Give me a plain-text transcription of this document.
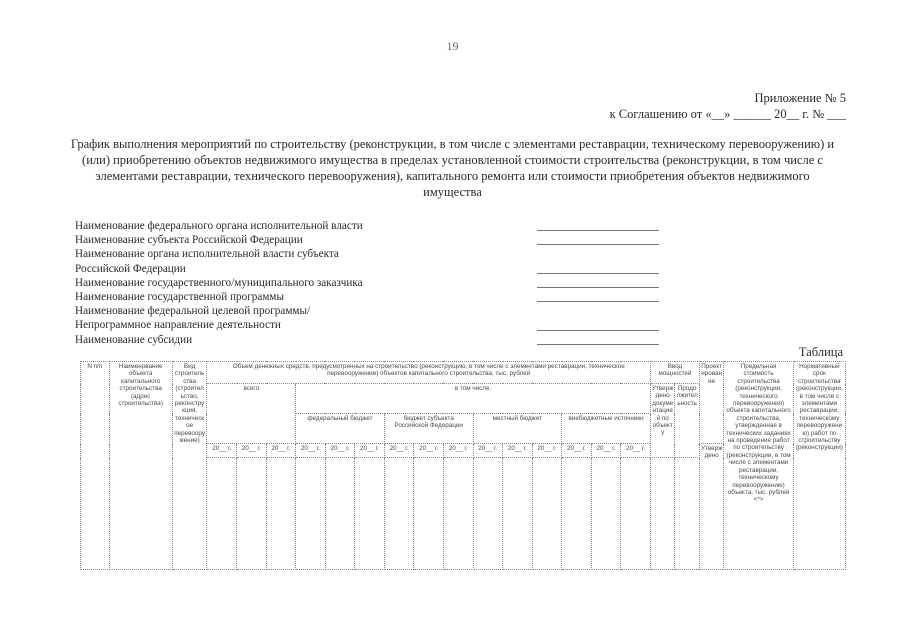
19
Приложение № 5
к Соглашению от «__» ______ 20__ г. № ___
График выполнения мероприятий по строительству (реконструкции, в том числе с элементами реставрации, техническому перевооружению) и (или) приобретению объектов недвижимого имущества в пределах установленной стоимости строительства (реконструкции, в том числе с элементами реставрации, технического перевооружения), капитального ремонта или стоимости приобретения объектов недвижимого имущества
Наименование федерального органа исполнительной власти
Наименование субъекта Российской Федерации
Наименование органа исполнительной власти субъекта
Российской Федерации
Наименование государственного/муниципального заказчика
Наименование государственной программы
Наименование федеральной целевой программы/
Непрограммное направление деятельности
Наименование субсидии
Таблица
N п/п	Наименование объекта капитального строительства (адрес строительства)	Вид строительства (строительство, реконструкция, техническое перевооружение)	Объем денежных средств, предусмотренных на строительство (реконструкцию, в том числе с элементами реставрации, техническое перевооружение) объектов капитального строительства, тыс. рублей															Ввод мощностей		Проектирование	Предельная стоимость строительства (реконструкции, технического перевооружения) объекта капитального строительства, утвержденная в технических заданиях на проведение работ по строительству (реконструкции, в том числе с элементами реставрации, техническому перевооружению) объекта, тыс. рублей <*>	Нормативный срок строительства (реконструкции, в том числе с элементами реставрации, техническому перевооружению) работ по строительству (реконструкции)
			всего			в том числе:												Утверждено документацией по объекту	Продолжительность			
						федеральный бюджет			бюджет субъекта Российской Федерации			местный бюджет			внебюджетные источники							
			20__ г.	20__ г.	20__ г.	20__ г.	20__ г.	20__ г.	20__ г.	20__ г.	20__ г.	20__ г.	20__ г.	20__ г.	20__ г.	20__ г.	20__ г.			Утверждено		
